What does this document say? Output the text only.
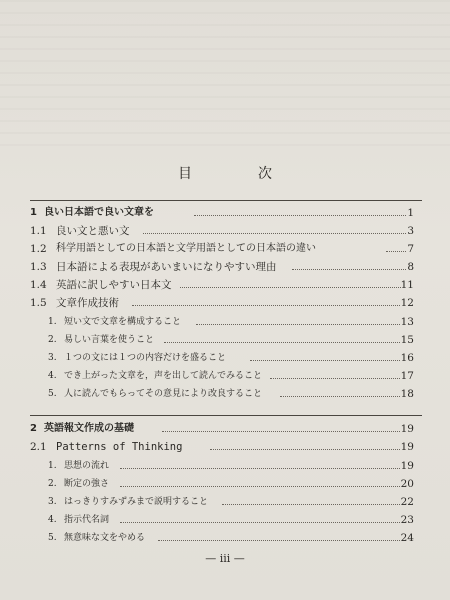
目　次
1 良い日本語で良い文章を	1
1.1 良い文と悪い文	3
1.2 科学用語としての日本語と文学用語としての日本語の違い	7
1.3 日本語による表現があいまいになりやすい理由	8
1.4 英語に訳しやすい日本文	11
1.5 文章作成技術	12
1. 短い文で文章を構成すること	13
2. 易しい言葉を使うこと	15
3. １つの文には１つの内容だけを盛ること	16
4. でき上がった文章を，声を出して読んでみること	17
5. 人に読んでもらってその意見により改良すること	18
2 英語報文作成の基礎	19
2.1 Patterns of Thinking	19
1. 思想の流れ	19
2. 断定の強さ	20
3. はっきりすみずみまで説明すること	22
4. 指示代名詞	23
5. 無意味な文をやめる	24
— iii —
